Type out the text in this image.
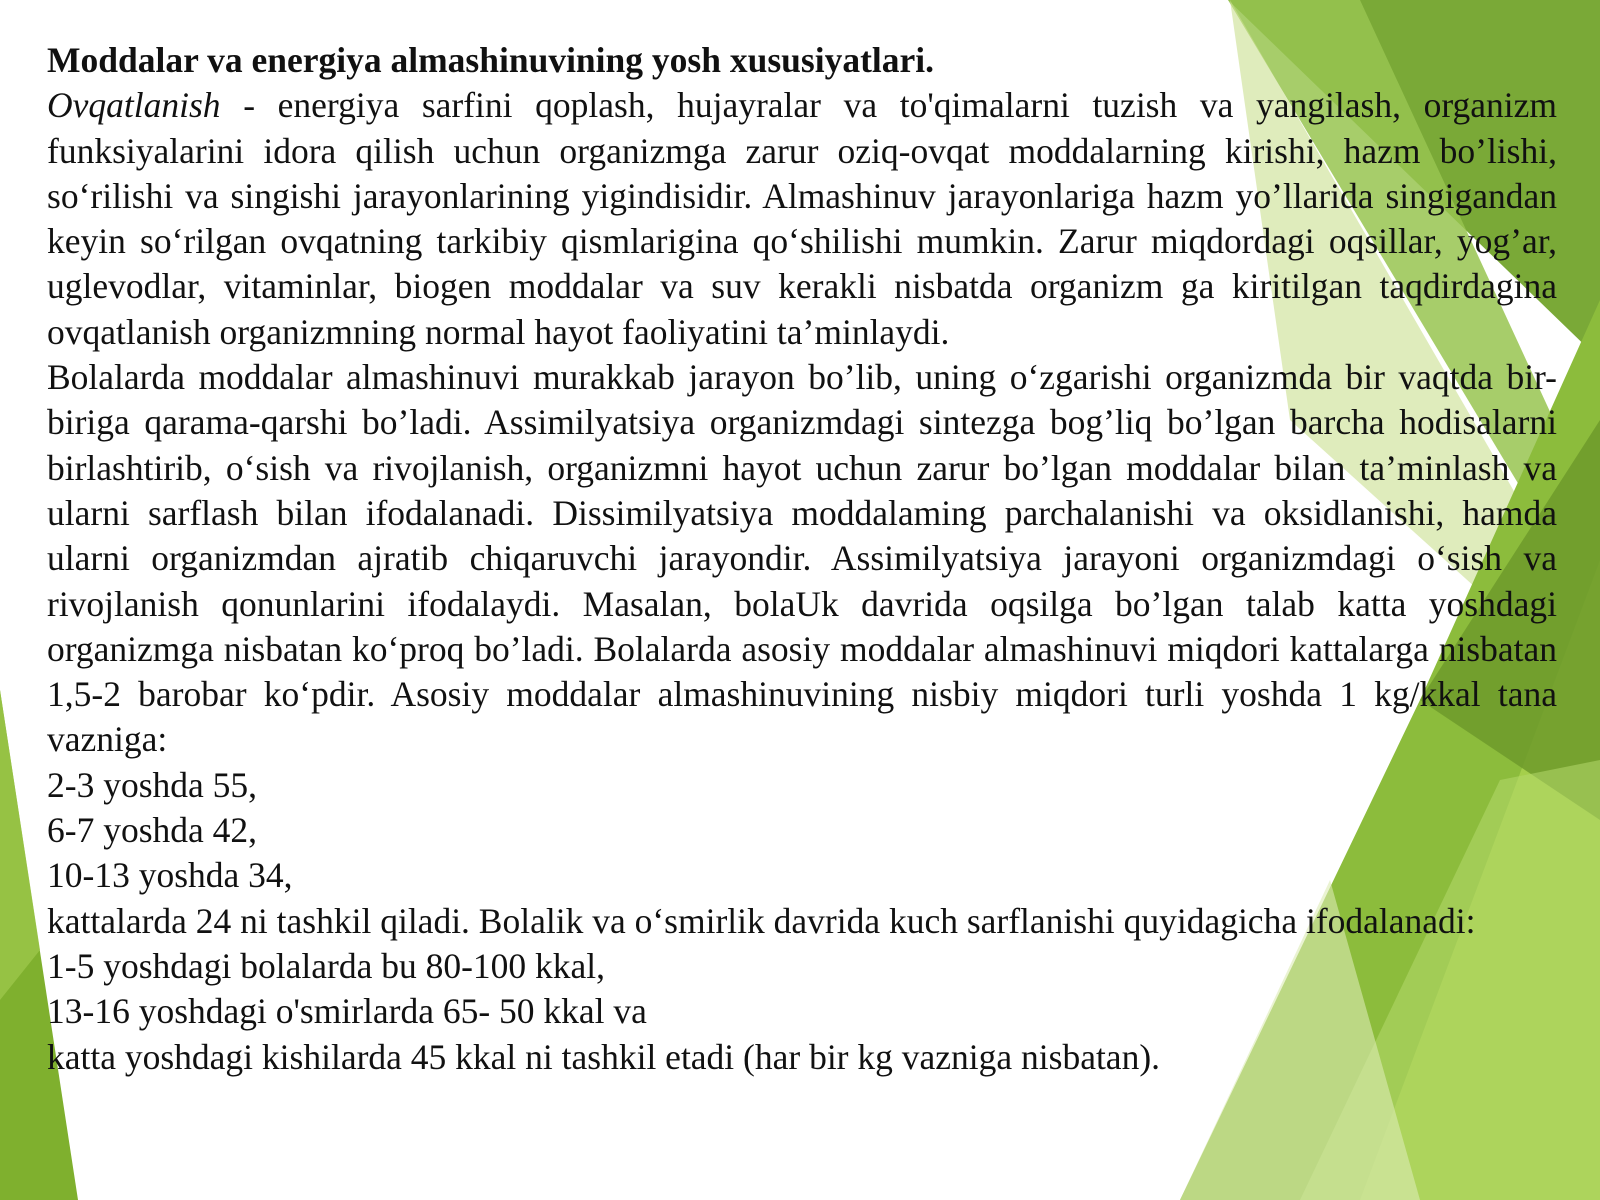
Moddalar va energiya almashinuvining yosh xususiyatlari.

Ovqatlanish - energiya sarfini qoplash, hujayralar va to'qimalarni tuzish va yangilash, organizm funksiyalarini idora qilish uchun organizmga zarur oziq-ovqat moddalarning kirishi, hazm bo’lishi, so‘rilishi va singishi jarayonlarining yigindisidir. Almashinuv jarayonlariga hazm yo’llarida singigandan keyin so‘rilgan ovqatning tarkibiy qismlarigina qo‘shilishi mumkin. Zarur miqdordagi oqsillar, yog’ar, uglevodlar, vitaminlar, biogen moddalar va suv kerakli nisbatda organizm ga kiritilgan taqdirdagina ovqatlanish organizmning normal hayot faoliyatini ta’minlaydi.

Bolalarda moddalar almashinuvi murakkab jarayon bo’lib, uning o‘zgarishi organizmda bir vaqtda bir-biriga qarama-qarshi bo’ladi. Assimilyatsiya organizmdagi sintezga bog’liq bo’lgan barcha hodisalarni birlashtirib, o‘sish va rivojlanish, organizmni hayot uchun zarur bo’lgan moddalar bilan ta’minlash va ularni sarflash bilan ifodalanadi. Dissimilyatsiya moddalaming parchalanishi va oksidlanishi, hamda ularni organizmdan ajratib chiqaruvchi jarayondir. Assimilyatsiya jarayoni organizmdagi o‘sish va rivojlanish qonunlarini ifodalaydi. Masalan, bolaUk davrida oqsilga bo’lgan talab katta yoshdagi organizmga nisbatan ko‘proq bo’ladi. Bolalarda asosiy moddalar almashinuvi miqdori kattalarga nisbatan 1,5-2 barobar ko‘pdir. Asosiy moddalar almashinuvining nisbiy miqdori turli yoshda 1 kg/kkal tana vazniga:

2-3 yoshda 55,

6-7 yoshda 42,

10-13 yoshda 34,

kattalarda 24 ni tashkil qiladi. Bolalik va o‘smirlik davrida kuch sarflanishi quyidagicha ifodalanadi:

1-5 yoshdagi bolalarda bu 80-100 kkal,

13-16 yoshdagi o'smirlarda 65- 50 kkal va

katta yoshdagi kishilarda 45 kkal ni tashkil etadi (har bir kg vazniga nisbatan).
